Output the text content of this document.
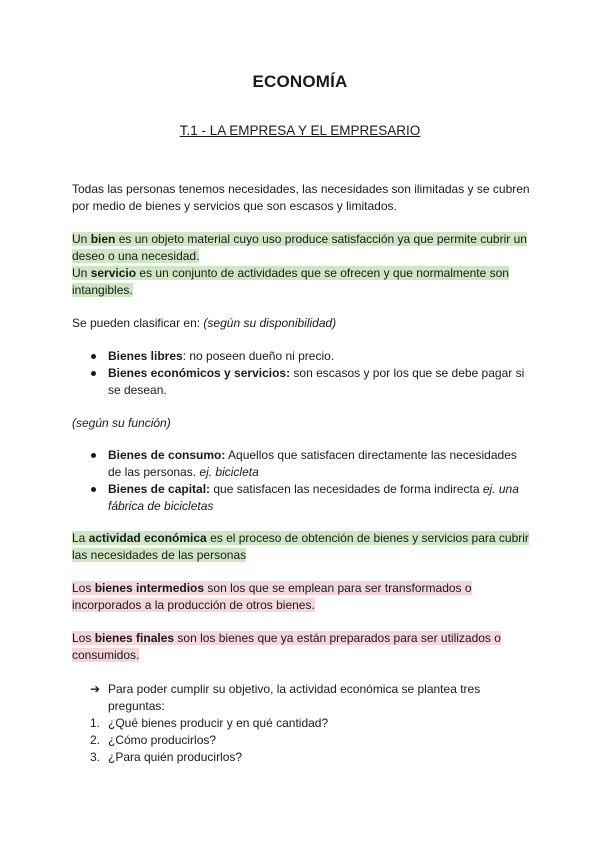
ECONOMÍA
T.1 - LA EMPRESA Y EL EMPRESARIO
Todas las personas tenemos necesidades, las necesidades son ilimitadas y se cubren por medio de bienes y servicios que son escasos y limitados.
Un bien es un objeto material cuyo uso produce satisfacción ya que permite cubrir un deseo o una necesidad.
Un servicio es un conjunto de actividades que se ofrecen y que normalmente son intangibles.
Se pueden clasificar en: (según su disponibilidad)
Bienes libres: no poseen dueño ni precio.
Bienes económicos y servicios: son escasos y por los que se debe pagar si se desean.
(según su función)
Bienes de consumo: Aquellos que satisfacen directamente las necesidades de las personas. ej. bicicleta
Bienes de capital: que satisfacen las necesidades de forma indirecta ej. una fábrica de bicicletas
La actividad económica es el proceso de obtención de bienes y servicios para cubrir las necesidades de las personas
Los bienes intermedios son los que se emplean para ser transformados o incorporados a la producción de otros bienes.
Los bienes finales son los bienes que ya están preparados para ser utilizados o consumidos.
➔ Para poder cumplir su objetivo, la actividad económica se plantea tres preguntas:
1. ¿Qué bienes producir y en qué cantidad?
2. ¿Cómo producirlos?
3. ¿Para quién producirlos?
